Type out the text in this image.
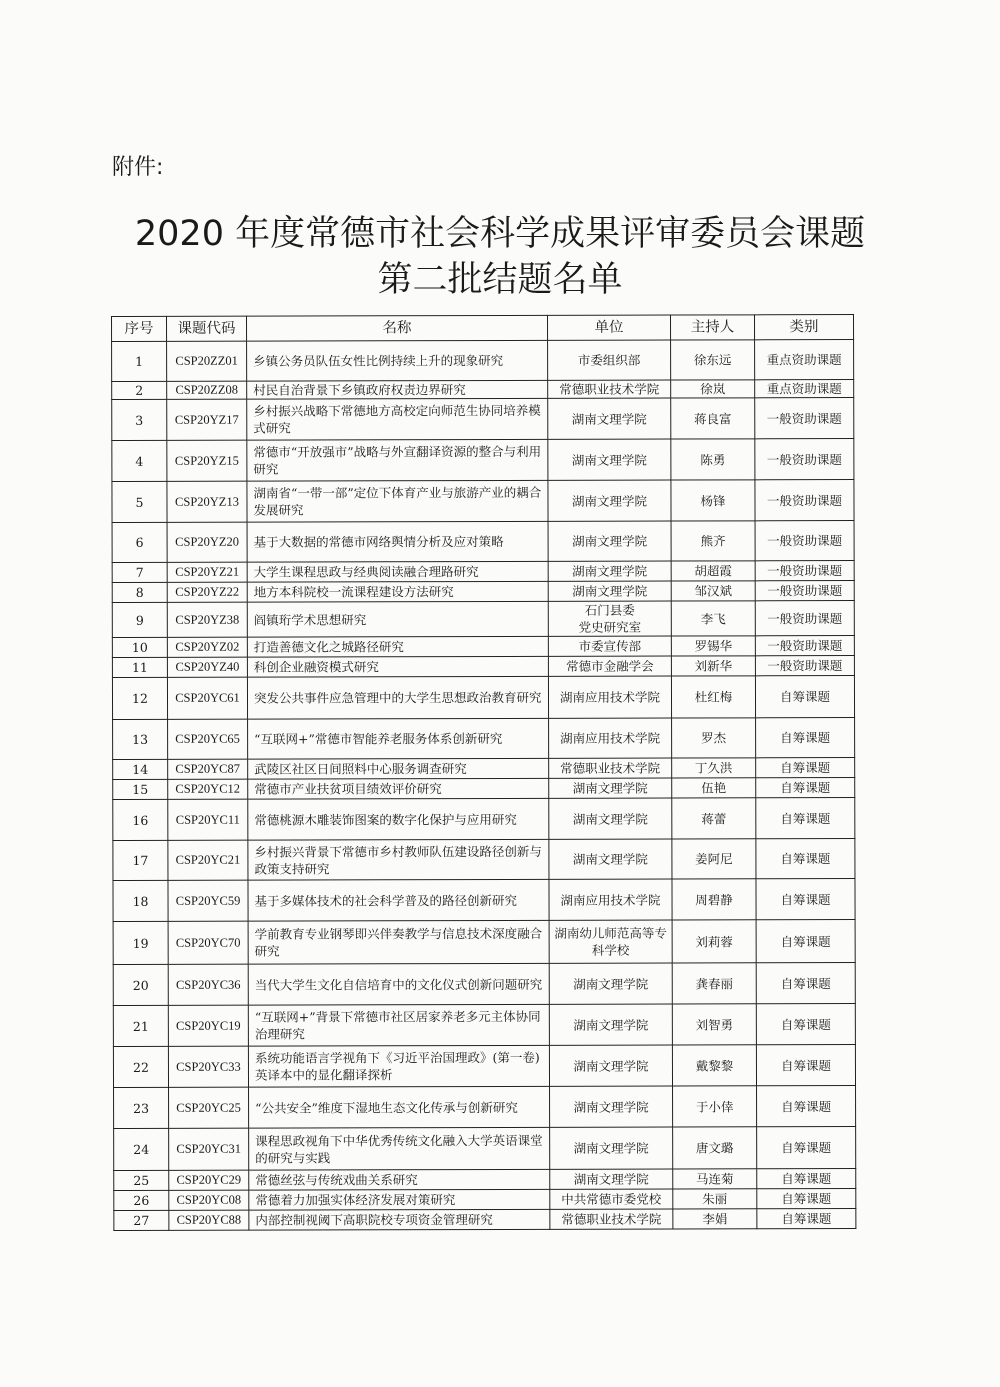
附件:
2020 年度常德市社会科学成果评审委员会课题
第二批结题名单
序号	课题代码	名称	单位	主持人	类别
1	CSP20ZZ01	乡镇公务员队伍女性比例持续上升的现象研究	市委组织部	徐东远	重点资助课题
2	CSP20ZZ08	村民自治背景下乡镇政府权责边界研究	常德职业技术学院	徐岚	重点资助课题
3	CSP20YZ17	乡村振兴战略下常德地方高校定向师范生协同培养模式研究	湖南文理学院	蒋良富	一般资助课题
4	CSP20YZ15	常德市“开放强市”战略与外宣翻译资源的整合与利用研究	湖南文理学院	陈勇	一般资助课题
5	CSP20YZ13	湖南省“一带一部”定位下体育产业与旅游产业的耦合发展研究	湖南文理学院	杨锋	一般资助课题
6	CSP20YZ20	基于大数据的常德市网络舆情分析及应对策略	湖南文理学院	熊齐	一般资助课题
7	CSP20YZ21	大学生课程思政与经典阅读融合理路研究	湖南文理学院	胡超霞	一般资助课题
8	CSP20YZ22	地方本科院校一流课程建设方法研究	湖南文理学院	邹汉斌	一般资助课题
9	CSP20YZ38	阎镇珩学术思想研究	石门县委
党史研究室	李飞	一般资助课题
10	CSP20YZ02	打造善德文化之城路径研究	市委宣传部	罗锡华	一般资助课题
11	CSP20YZ40	科创企业融资模式研究	常德市金融学会	刘新华	一般资助课题
12	CSP20YC61	突发公共事件应急管理中的大学生思想政治教育研究	湖南应用技术学院	杜红梅	自筹课题
13	CSP20YC65	“互联网+”常德市智能养老服务体系创新研究	湖南应用技术学院	罗杰	自筹课题
14	CSP20YC87	武陵区社区日间照料中心服务调查研究	常德职业技术学院	丁久洪	自筹课题
15	CSP20YC12	常德市产业扶贫项目绩效评价研究	湖南文理学院	伍艳	自筹课题
16	CSP20YC11	常德桃源木雕装饰图案的数字化保护与应用研究	湖南文理学院	蒋蕾	自筹课题
17	CSP20YC21	乡村振兴背景下常德市乡村教师队伍建设路径创新与政策支持研究	湖南文理学院	姜阿尼	自筹课题
18	CSP20YC59	基于多媒体技术的社会科学普及的路径创新研究	湖南应用技术学院	周碧静	自筹课题
19	CSP20YC70	学前教育专业钢琴即兴伴奏教学与信息技术深度融合研究	湖南幼儿师范高等专科学校	刘莉蓉	自筹课题
20	CSP20YC36	当代大学生文化自信培育中的文化仪式创新问题研究	湖南文理学院	龚春丽	自筹课题
21	CSP20YC19	“互联网+”背景下常德市社区居家养老多元主体协同治理研究	湖南文理学院	刘智勇	自筹课题
22	CSP20YC33	系统功能语言学视角下《习近平治国理政》(第一卷)英译本中的显化翻译探析	湖南文理学院	戴黎黎	自筹课题
23	CSP20YC25	“公共安全”维度下湿地生态文化传承与创新研究	湖南文理学院	于小倖	自筹课题
24	CSP20YC31	课程思政视角下中华优秀传统文化融入大学英语课堂的研究与实践	湖南文理学院	唐文璐	自筹课题
25	CSP20YC29	常德丝弦与传统戏曲关系研究	湖南文理学院	马连菊	自筹课题
26	CSP20YC08	常德着力加强实体经济发展对策研究	中共常德市委党校	朱丽	自筹课题
27	CSP20YC88	内部控制视阈下高职院校专项资金管理研究	常德职业技术学院	李娟	自筹课题
